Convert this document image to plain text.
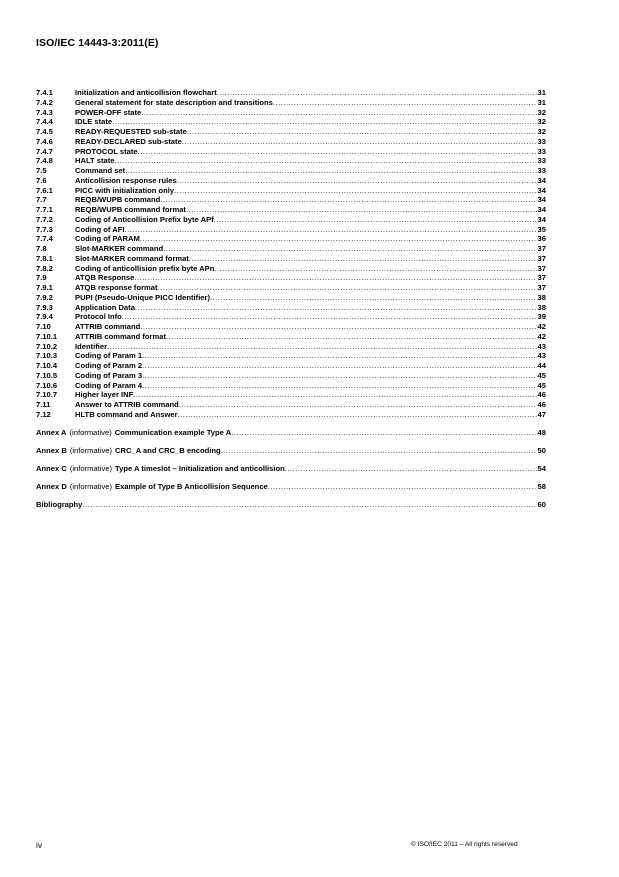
ISO/IEC 14443-3:2011(E)
7.4.1	Initialization and anticollision flowchart .....	31
7.4.2	General statement for state description and transitions .....	31
7.4.3	POWER-OFF state .....	32
7.4.4	IDLE state .....	32
7.4.5	READY-REQUESTED sub-state .....	32
7.4.6	READY-DECLARED sub-state .....	33
7.4.7	PROTOCOL state .....	33
7.4.8	HALT state .....	33
7.5	Command set .....	33
7.6	Anticollision response rules .....	34
7.6.1	PICC with initialization only .....	34
7.7	REQB/WUPB command .....	34
7.7.1	REQB/WUPB command format .....	34
7.7.2	Coding of Anticollision Prefix byte APf .....	34
7.7.3	Coding of AFI .....	35
7.7.4	Coding of PARAM .....	36
7.8	Slot-MARKER command .....	37
7.8.1	Slot-MARKER command format .....	37
7.8.2	Coding of anticollision prefix byte APn .....	37
7.9	ATQB Response .....	37
7.9.1	ATQB response format .....	37
7.9.2	PUPI (Pseudo-Unique PICC Identifier) .....	38
7.9.3	Application Data .....	38
7.9.4	Protocol Info .....	39
7.10	ATTRIB command .....	42
7.10.1	ATTRIB command format .....	42
7.10.2	Identifier .....	43
7.10.3	Coding of Param 1 .....	43
7.10.4	Coding of Param 2 .....	44
7.10.5	Coding of Param 3 .....	45
7.10.6	Coding of Param 4 .....	45
7.10.7	Higher layer INF .....	46
7.11	Answer to ATTRIB command .....	46
7.12	HLTB command and Answer .....	47
Annex A (informative) Communication example Type A .....	48
Annex B (informative) CRC_A and CRC_B encoding .....	50
Annex C (informative) Type A timeslot – Initialization and anticollision .....	54
Annex D (informative) Example of Type B Anticollision Sequence .....	58
Bibliography .....	60
iv	© ISO/IEC 2011 – All rights reserved
